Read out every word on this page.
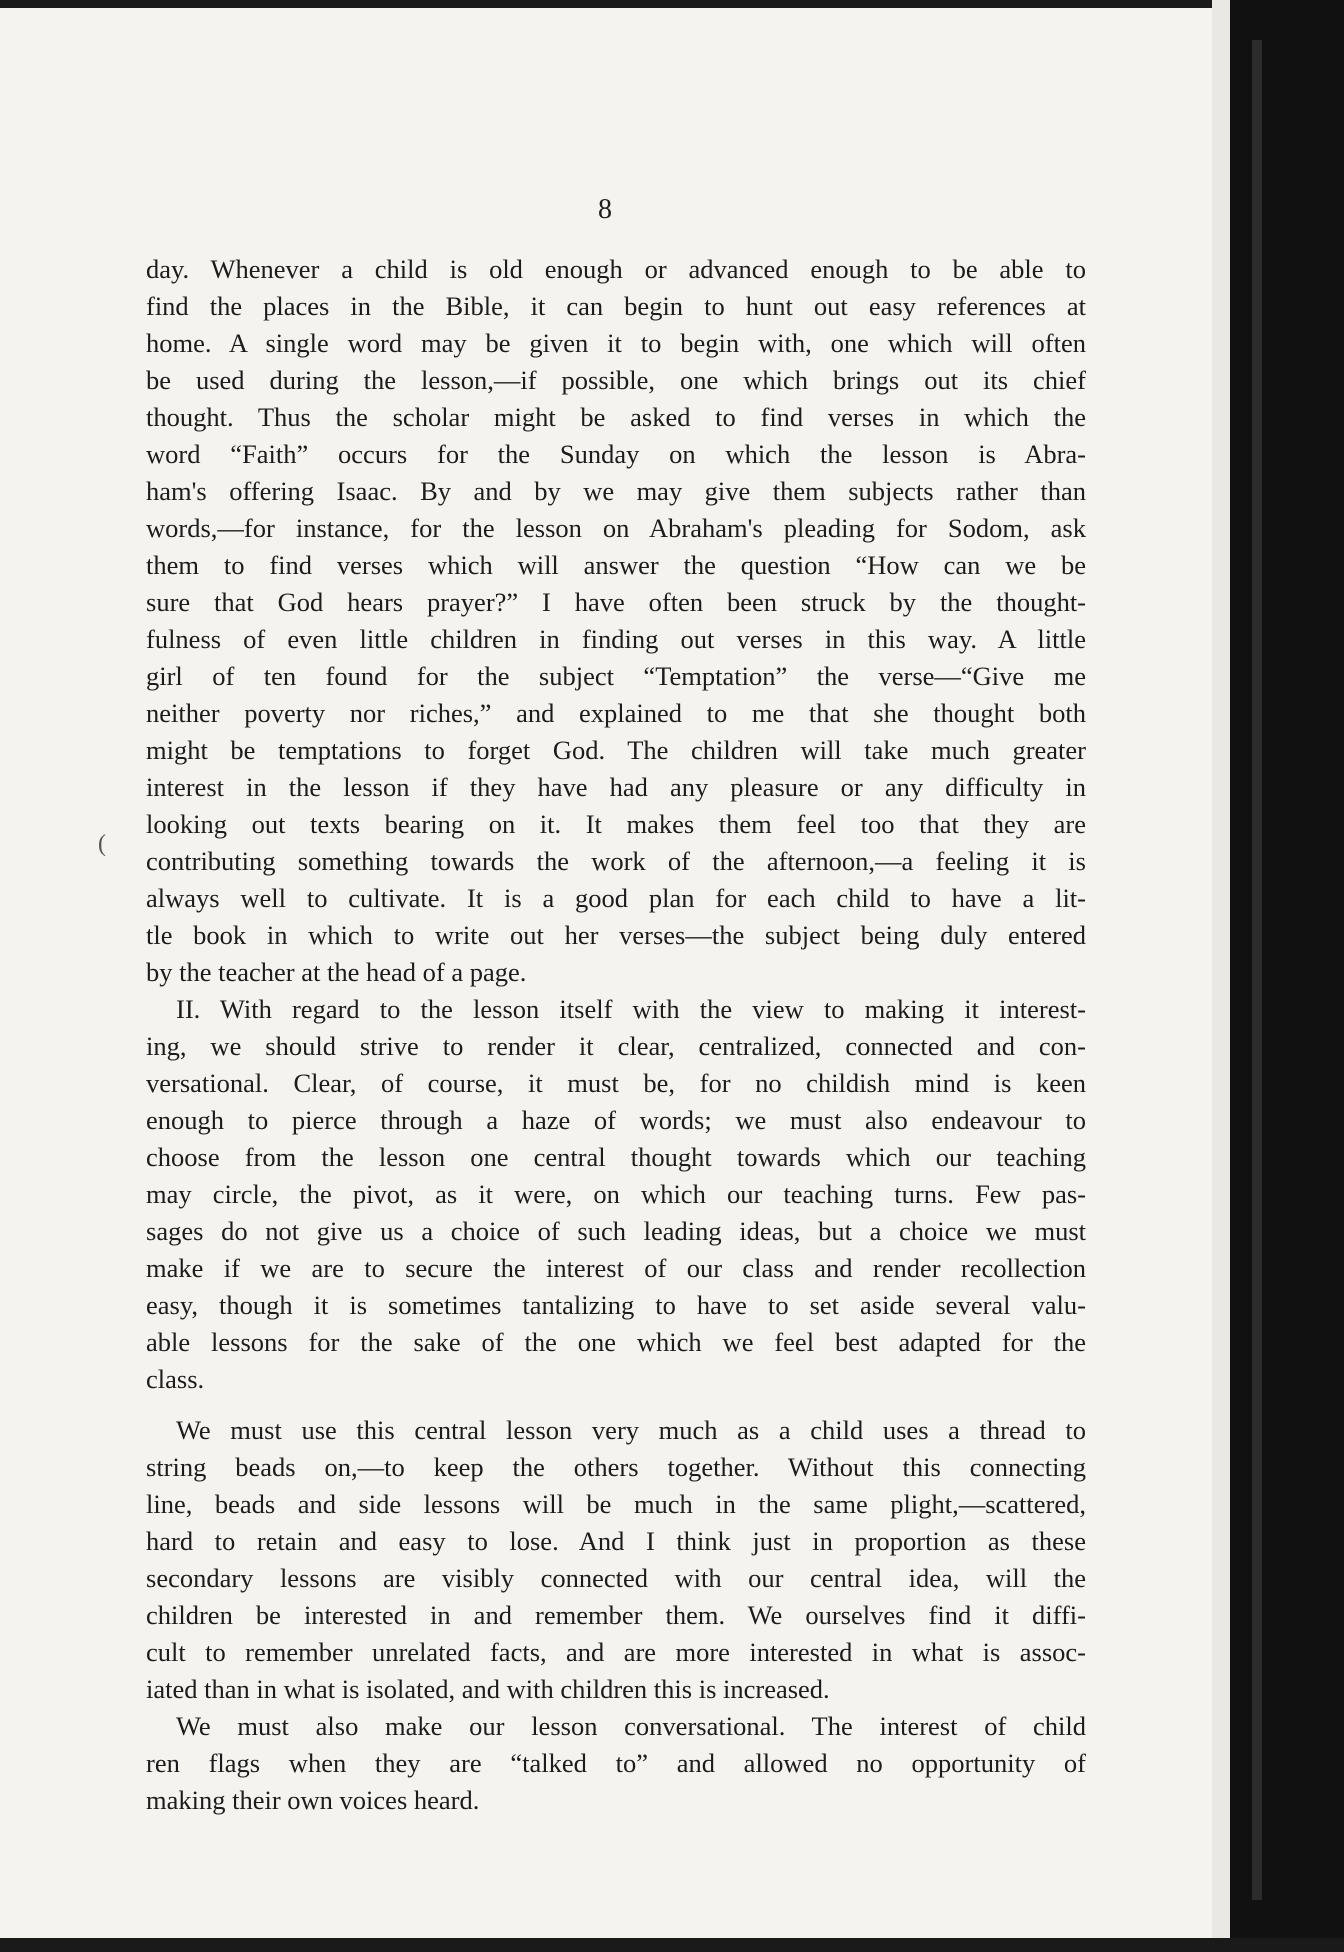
8
day. Whenever a child is old enough or advanced enough to be able to
find the places in the Bible, it can begin to hunt out easy references at
home. A single word may be given it to begin with, one which will often
be used during the lesson,—if possible, one which brings out its chief
thought. Thus the scholar might be asked to find verses in which the
word “Faith” occurs for the Sunday on which the lesson is Abra-
ham's offering Isaac. By and by we may give them subjects rather than
words,—for instance, for the lesson on Abraham's pleading for Sodom, ask
them to find verses which will answer the question “How can we be
sure that God hears prayer?” I have often been struck by the thought-
fulness of even little children in finding out verses in this way. A little
girl of ten found for the subject “Temptation” the verse—“Give me
neither poverty nor riches,” and explained to me that she thought both
might be temptations to forget God. The children will take much greater
interest in the lesson if they have had any pleasure or any difficulty in
looking out texts bearing on it. It makes them feel too that they are
contributing something towards the work of the afternoon,—a feeling it is
always well to cultivate. It is a good plan for each child to have a lit-
tle book in which to write out her verses—the subject being duly entered
by the teacher at the head of a page.
II. With regard to the lesson itself with the view to making it interest-
ing, we should strive to render it clear, centralized, connected and con-
versational. Clear, of course, it must be, for no childish mind is keen
enough to pierce through a haze of words; we must also endeavour to
choose from the lesson one central thought towards which our teaching
may circle, the pivot, as it were, on which our teaching turns. Few pas-
sages do not give us a choice of such leading ideas, but a choice we must
make if we are to secure the interest of our class and render recollection
easy, though it is sometimes tantalizing to have to set aside several valu-
able lessons for the sake of the one which we feel best adapted for the
class.
We must use this central lesson very much as a child uses a thread to
string beads on,—to keep the others together. Without this connecting
line, beads and side lessons will be much in the same plight,—scattered,
hard to retain and easy to lose. And I think just in proportion as these
secondary lessons are visibly connected with our central idea, will the
children be interested in and remember them. We ourselves find it diffi-
cult to remember unrelated facts, and are more interested in what is assoc-
iated than in what is isolated, and with children this is increased.
We must also make our lesson conversational. The interest of child
ren flags when they are “talked to” and allowed no opportunity of
making their own voices heard.
(
